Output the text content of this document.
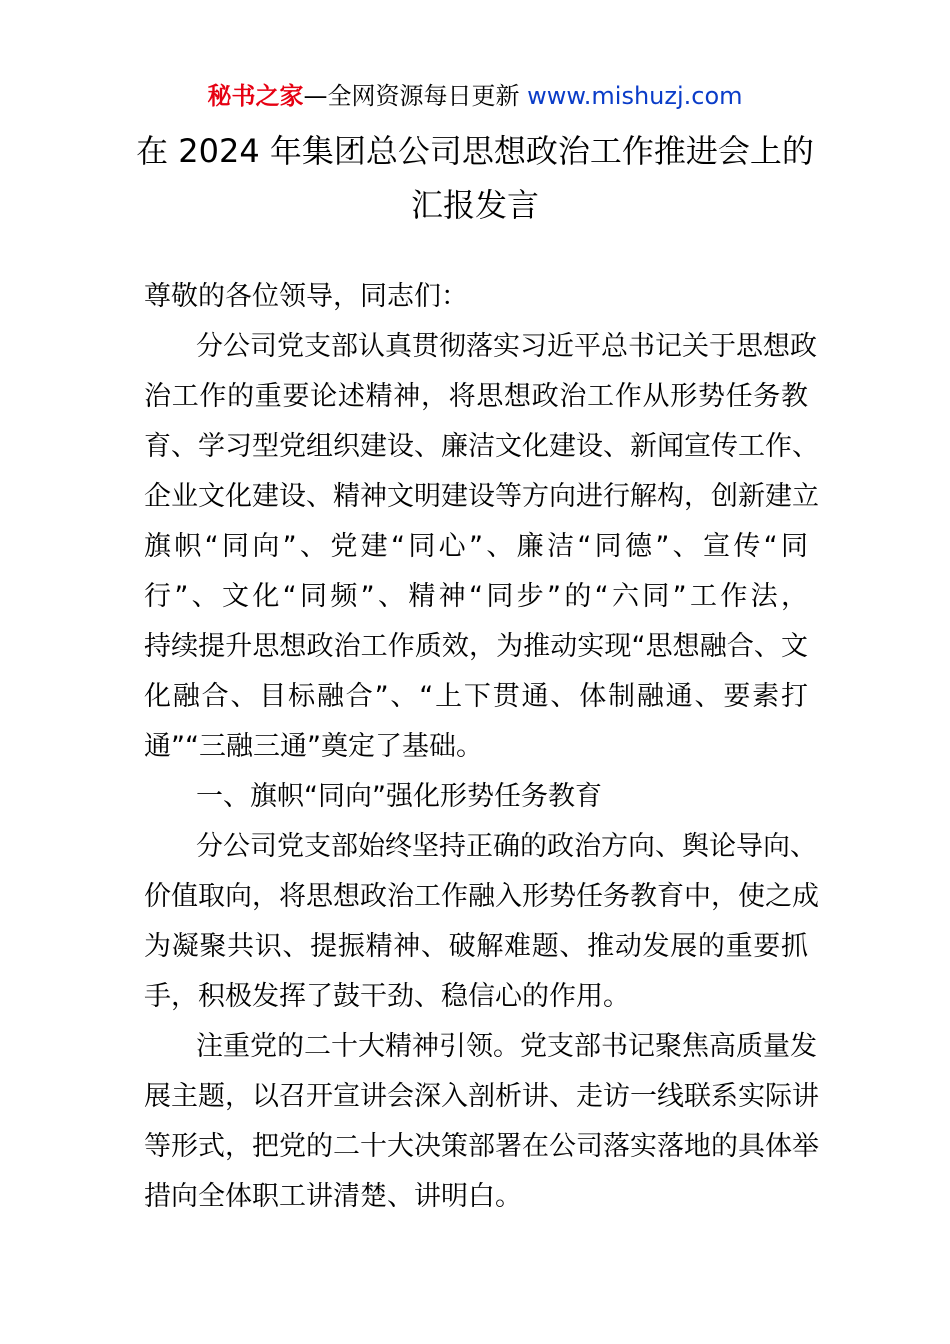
秘书之家—全网资源每日更新 www.mishuzj.com
在 2024 年集团总公司思想政治工作推进会上的
汇报发言

尊敬的各位领导，同志们：

分公司党支部认真贯彻落实习近平总书记关于思想政
治工作的重要论述精神，将思想政治工作从形势任务教
育、学习型党组织建设、廉洁文化建设、新闻宣传工作、
企业文化建设、精神文明建设等方向进行解构，创新建立
旗帜“同向”、党建“同心”、廉洁“同德”、宣传“同
行”、文化“同频”、精神“同步”的“六同”工作法，
持续提升思想政治工作质效，为推动实现“思想融合、文
化融合、目标融合”、“上下贯通、体制融通、要素打
通”“三融三通”奠定了基础。

一、旗帜“同向”强化形势任务教育

分公司党支部始终坚持正确的政治方向、舆论导向、
价值取向，将思想政治工作融入形势任务教育中，使之成
为凝聚共识、提振精神、破解难题、推动发展的重要抓
手，积极发挥了鼓干劲、稳信心的作用。

注重党的二十大精神引领。党支部书记聚焦高质量发
展主题，以召开宣讲会深入剖析讲、走访一线联系实际讲
等形式，把党的二十大决策部署在公司落实落地的具体举
措向全体职工讲清楚、讲明白。
